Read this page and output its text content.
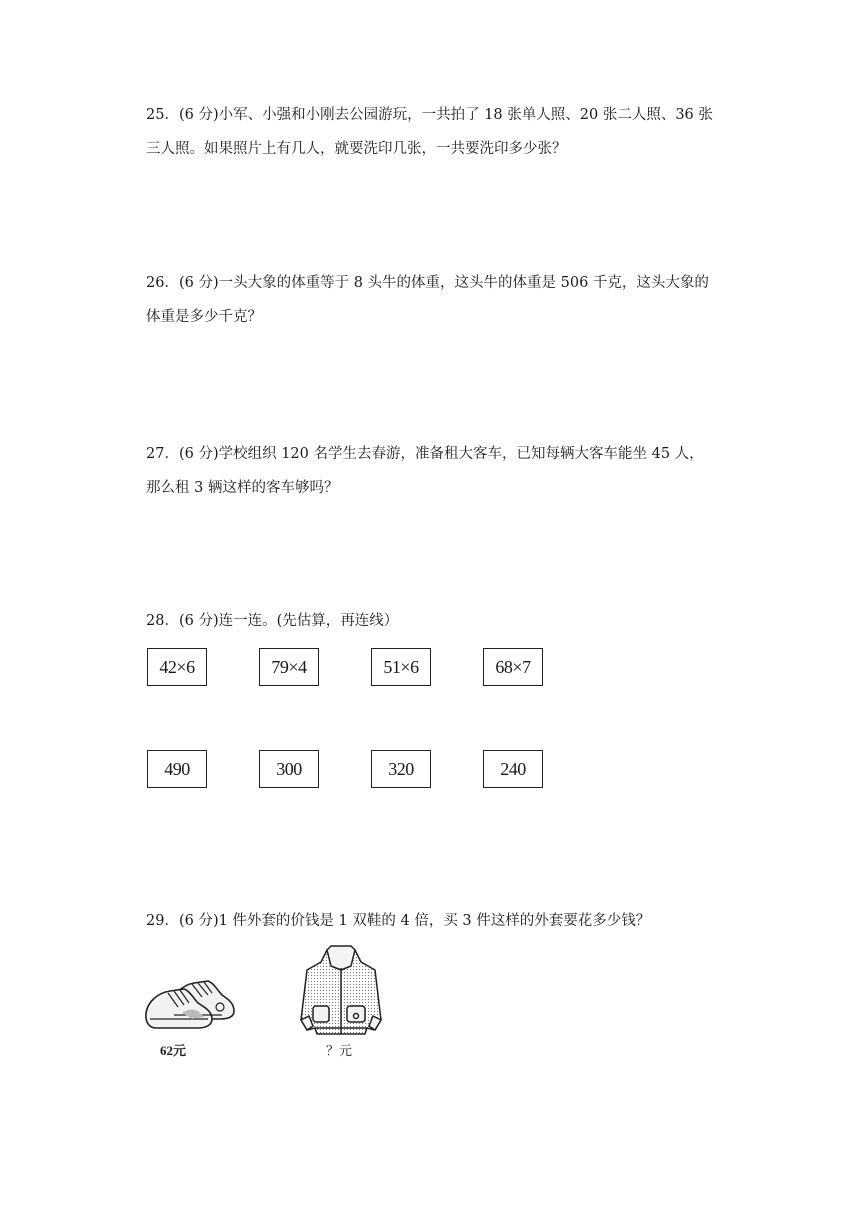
25．(6 分)小军、小强和小刚去公园游玩，一共拍了 18 张单人照、20 张二人照、36 张

三人照。如果照片上有几人，就要洗印几张，一共要洗印多少张？

26．(6 分)一头大象的体重等于 8 头牛的体重，这头牛的体重是 506 千克，这头大象的

体重是多少千克？

27．(6 分)学校组织 120 名学生去春游，准备租大客车，已知每辆大客车能坐 45 人，

那么租 3 辆这样的客车够吗？

28．(6 分)连一连。(先估算，再连线）

42×6	79×4	51×6	68×7
490	300	320	240

29．(6 分)1 件外套的价钱是 1 双鞋的 4 倍，买 3 件这样的外套要花多少钱？

62元	？元
